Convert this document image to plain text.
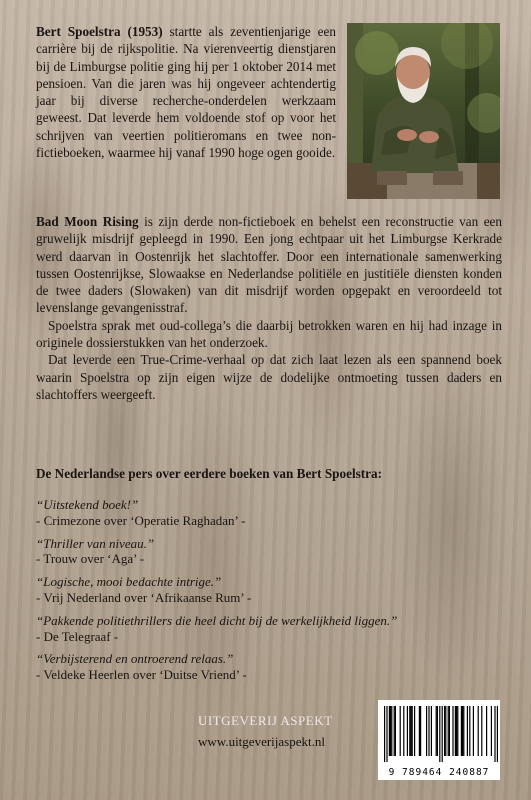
Bert Spoelstra (1953) startte als zeventienjarige een carrière bij de rijkspolitie. Na vierenveertig dienstjaren bij de Limburgse politie ging hij per 1 oktober 2014 met pensioen. Van die jaren was hij ongeveer achtendertig jaar bij diverse recherche-onderdelen werkzaam geweest. Dat leverde hem voldoende stof op voor het schrijven van veertien politieromans en twee non-fictieboeken, waarmee hij vanaf 1990 hoge ogen gooide.

Bad Moon Rising is zijn derde non-fictieboek en behelst een reconstructie van een gruwelijk misdrijf gepleegd in 1990. Een jong echtpaar uit het Limburgse Kerkrade werd daarvan in Oostenrijk het slachtoffer. Door een internationale samenwerking tussen Oostenrijkse, Slowaakse en Nederlandse politiële en justitiële diensten konden de twee daders (Slowaken) van dit misdrijf worden opgepakt en veroordeeld tot levenslange gevangenisstraf.

Spoelstra sprak met oud-collega’s die daarbij betrokken waren en hij had inzage in originele dossierstukken van het onderzoek.

Dat leverde een True-Crime-verhaal op dat zich laat lezen als een spannend boek waarin Spoelstra op zijn eigen wijze de dodelijke ontmoeting tussen daders en slachtoffers weergeeft.

De Nederlandse pers over eerdere boeken van Bert Spoelstra:
“Uitstekend boek!”
- Crimezone over ‘Operatie Raghadan’ -
“Thriller van niveau.”
- Trouw over ‘Aga’ -
“Logische, mooi bedachte intrige.”
- Vrij Nederland over ‘Afrikaanse Rum’ -
“Pakkende politiethrillers die heel dicht bij de werkelijkheid liggen.”
- De Telegraaf -
“Verbijsterend en ontroerend relaas.”
- Veldeke Heerlen over ‘Duitse Vriend’ -
UITGEVERIJ ASPEKT
www.uitgeverijaspekt.nl
9 789464 240887
